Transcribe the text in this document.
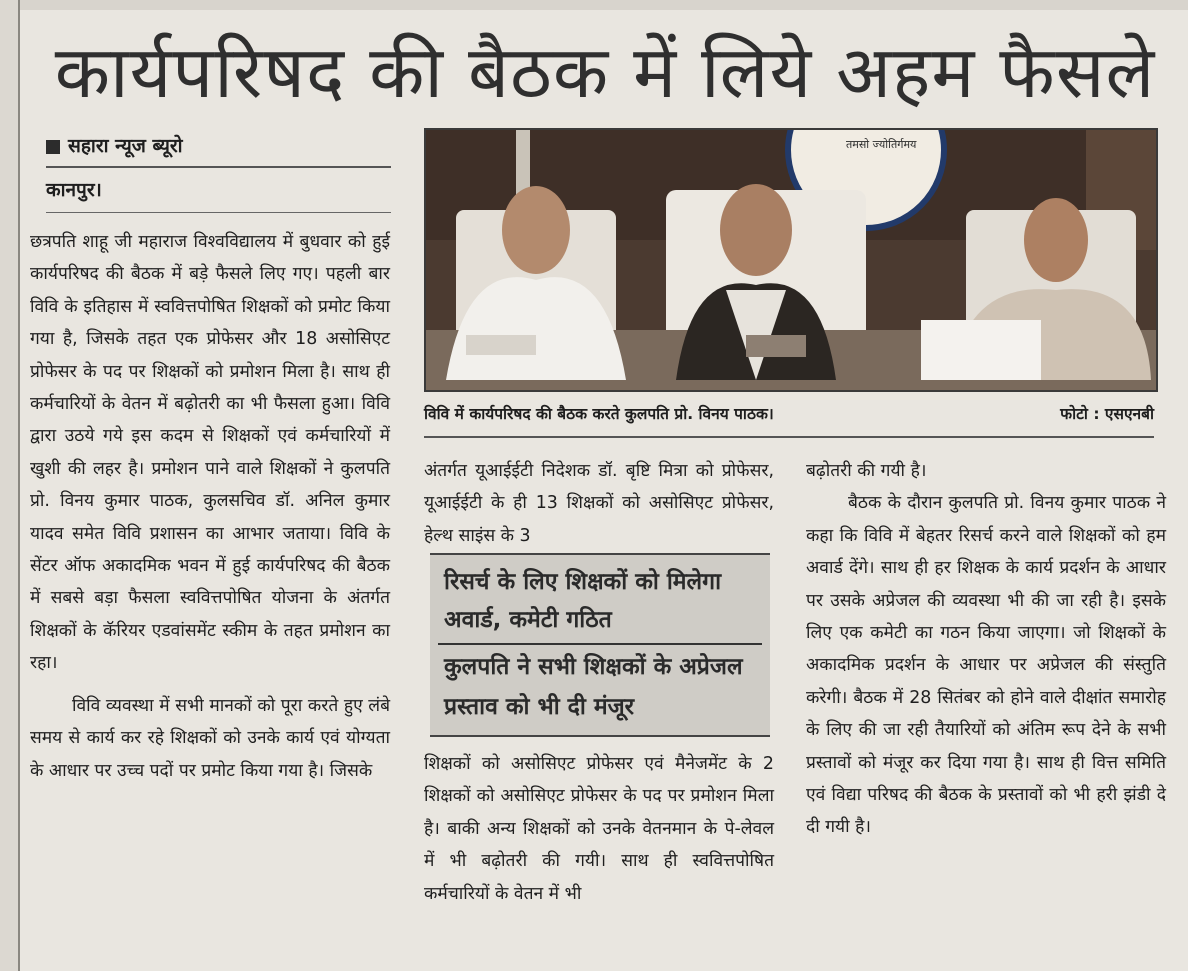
कार्यपरिषद की बैठक में लिये अहम फैसले
सहारा न्यूज ब्यूरो
कानपुर।

छत्रपति शाहू जी महाराज विश्वविद्यालय में बुधवार को हुई कार्यपरिषद की बैठक में बड़े फैसले लिए गए। पहली बार विवि के इतिहास में स्ववित्तपोषित शिक्षकों को प्रमोट किया गया है, जिसके तहत एक प्रोफेसर और 18 असोसिएट प्रोफेसर के पद पर शिक्षकों को प्रमोशन मिला है। साथ ही कर्मचारियों के वेतन में बढ़ोतरी का भी फैसला हुआ। विवि द्वारा उठये गये इस कदम से शिक्षकों एवं कर्मचारियों में खुशी की लहर है। प्रमोशन पाने वाले शिक्षकों ने कुलपति प्रो. विनय कुमार पाठक, कुलसचिव डॉ. अनिल कुमार यादव समेत विवि प्रशासन का आभार जताया। विवि के सेंटर ऑफ अकादमिक भवन में हुई कार्यपरिषद की बैठक में सबसे बड़ा फैसला स्ववित्तपोषित योजना के अंतर्गत शिक्षकों के कॅरियर एडवांसमेंट स्कीम के तहत प्रमोशन का रहा।

विवि व्यवस्था में सभी मानकों को पूरा करते हुए लंबे समय से कार्य कर रहे शिक्षकों को उनके कार्य एवं योग्यता के आधार पर उच्च पदों पर प्रमोट किया गया है। जिसके

तमसो ज्योतिर्गमय
विवि में कार्यपरिषद की बैठक करते कुलपति प्रो. विनय पाठक।	फोटो : एसएनबी

अंतर्गत यूआईईटी निदेशक डॉ. बृष्टि मित्रा को प्रोफेसर, यूआईईटी के ही 13 शिक्षकों को असोसिएट प्रोफेसर, हेल्थ साइंस के 3

रिसर्च के लिए शिक्षकों को मिलेगा अवार्ड, कमेटी गठित
कुलपति ने सभी शिक्षकों के अप्रेजल प्रस्ताव को भी दी मंजूर

शिक्षकों को असोसिएट प्रोफेसर एवं मैनेजमेंट के 2 शिक्षकों को असोसिएट प्रोफेसर के पद पर प्रमोशन मिला है। बाकी अन्य शिक्षकों को उनके वेतनमान के पे-लेवल में भी बढ़ोतरी की गयी। साथ ही स्ववित्तपोषित कर्मचारियों के वेतन में भी

बढ़ोतरी की गयी है।

बैठक के दौरान कुलपति प्रो. विनय कुमार पाठक ने कहा कि विवि में बेहतर रिसर्च करने वाले शिक्षकों को हम अवार्ड देंगे। साथ ही हर शिक्षक के कार्य प्रदर्शन के आधार पर उसके अप्रेजल की व्यवस्था भी की जा रही है। इसके लिए एक कमेटी का गठन किया जाएगा। जो शिक्षकों के अकादमिक प्रदर्शन के आधार पर अप्रेजल की संस्तुति करेगी। बैठक में 28 सितंबर को होने वाले दीक्षांत समारोह के लिए की जा रही तैयारियों को अंतिम रूप देने के सभी प्रस्तावों को मंजूर कर दिया गया है। साथ ही वित्त समिति एवं विद्या परिषद की बैठक के प्रस्तावों को भी हरी झंडी दे दी गयी है।
